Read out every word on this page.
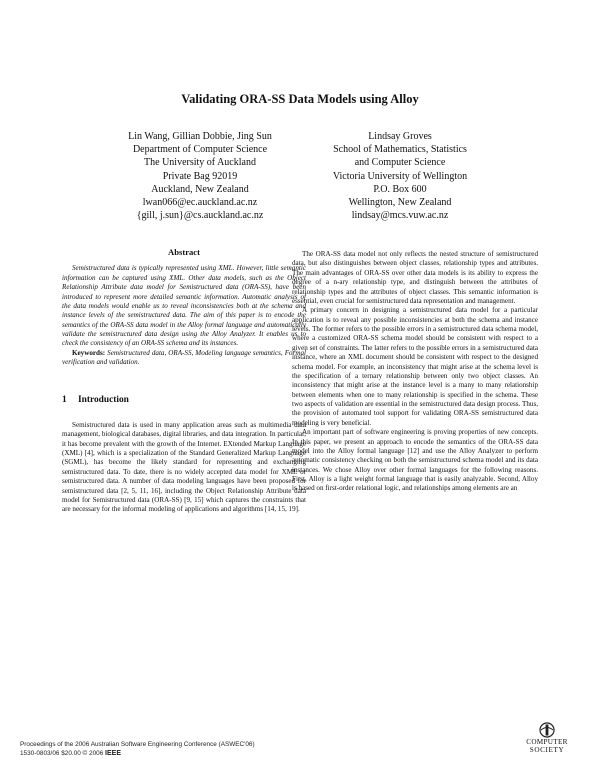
Validating ORA-SS Data Models using Alloy
Lin Wang, Gillian Dobbie, Jing Sun
Department of Computer Science
The University of Auckland
Private Bag 92019
Auckland, New Zealand
lwan066@ec.auckland.ac.nz
{gill, j.sun}@cs.auckland.ac.nz
Lindsay Groves
School of Mathematics, Statistics
and Computer Science
Victoria University of Wellington
P.O. Box 600
Wellington, New Zealand
lindsay@mcs.vuw.ac.nz
Abstract

Semistructured data is typically represented using XML. However, little semantic information can be captured using XML. Other data models, such as the Object Relationship Attribute data model for Semistructured data (ORA-SS), have been introduced to represent more detailed semantic information. Automatic analysis of the data models would enable us to reveal inconsistencies both at the schema and instance levels of the semistructured data. The aim of this paper is to encode the semantics of the ORA-SS data model in the Alloy formal language and automatically validate the semistructured data design using the Alloy Analyzer. It enables us to check the consistency of an ORA-SS schema and its instances.

Keywords: Semistructured data, ORA-SS, Modeling language semantics, Formal verification and validation.

1 Introduction

Semistructured data is used in many application areas such as multimedia data management, biological databases, digital libraries, and data integration. In particular, it has become prevalent with the growth of the Internet. EXtended Markup Language (XML) [4], which is a specialization of the Standard Generalized Markup Language (SGML), has become the likely standard for representing and exchanging semistructured data. To date, there is no widely accepted data model for XML or semistructured data. A number of data modeling languages have been proposed for semistructured data [2, 5, 11, 16], including the Object Relationship Attribute data model for Semistructured data (ORA-SS) [9, 15] which captures the constraints that are necessary for the informal modeling of applications and algorithms [14, 15, 19].

The ORA-SS data model not only reflects the nested structure of semistructured data, but also distinguishes between object classes, relationship types and attributes. The main advantages of ORA-SS over other data models is its ability to express the degree of a n-ary relationship type, and distinguish between the attributes of relationship types and the attributes of object classes. This semantic information is essential, even crucial for semistructured data representation and management.

A primary concern in designing a semistructured data model for a particular application is to reveal any possible inconsistencies at both the schema and instance levels. The former refers to the possible errors in a semistructured data schema model, where a customized ORA-SS schema model should be consistent with respect to a given set of constraints. The latter refers to the possible errors in a semistructured data instance, where an XML document should be consistent with respect to the designed schema model. For example, an inconsistency that might arise at the schema level is the specification of a ternary relationship between only two object classes. An inconsistency that might arise at the instance level is a many to many relationship between elements when one to many relationship is specified in the schema. These two aspects of validation are essential in the semistructured data design process. Thus, the provision of automated tool support for validating ORA-SS semistructured data modeling is very beneficial.

An important part of software engineering is proving properties of new concepts. In this paper, we present an approach to encode the semantics of the ORA-SS data model into the Alloy formal language [12] and use the Alloy Analyzer to perform automatic consistency checking on both the semistructured schema model and its data instances. We chose Alloy over other formal languages for the following reasons. First, Alloy is a light weight formal language that is easily analyzable. Second, Alloy is based on first-order relational logic, and relationships among elements are an

Proceedings of the 2006 Australian Software Engineering Conference (ASWEC'06)
1530-0803/06 $20.00 © 2006 IEEE
COMPUTER
SOCIETY
